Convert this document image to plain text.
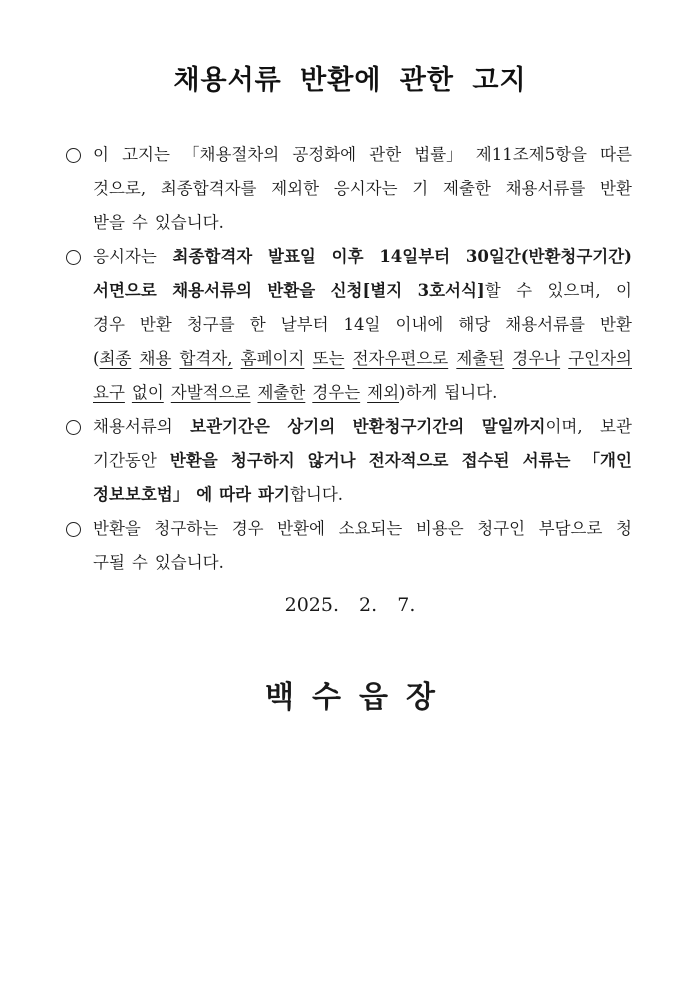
채용서류 반환에 관한 고지
이 고지는 「채용절차의 공정화에 관한 법률」 제11조제5항을 따른
것으로, 최종합격자를 제외한 응시자는 기 제출한 채용서류를 반환
받을 수 있습니다.
응시자는 최종합격자 발표일 이후 14일부터 30일간(반환청구기간)
서면으로 채용서류의 반환을 신청[별지 3호서식]할 수 있으며, 이
경우 반환 청구를 한 날부터 14일 이내에 해당 채용서류를 반환
(최종 채용 합격자, 홈페이지 또는 전자우편으로 제출된 경우나 구인자의
요구 없이 자발적으로 제출한 경우는 제외)하게 됩니다.
채용서류의 보관기간은 상기의 반환청구기간의 말일까지이며, 보관
기간동안 반환을 청구하지 않거나 전자적으로 접수된 서류는 「개인
정보보호법」 에 따라 파기합니다.
반환을 청구하는 경우 반환에 소요되는 비용은 청구인 부담으로 청
구될 수 있습니다.
2025. 2. 7.
백수읍장
